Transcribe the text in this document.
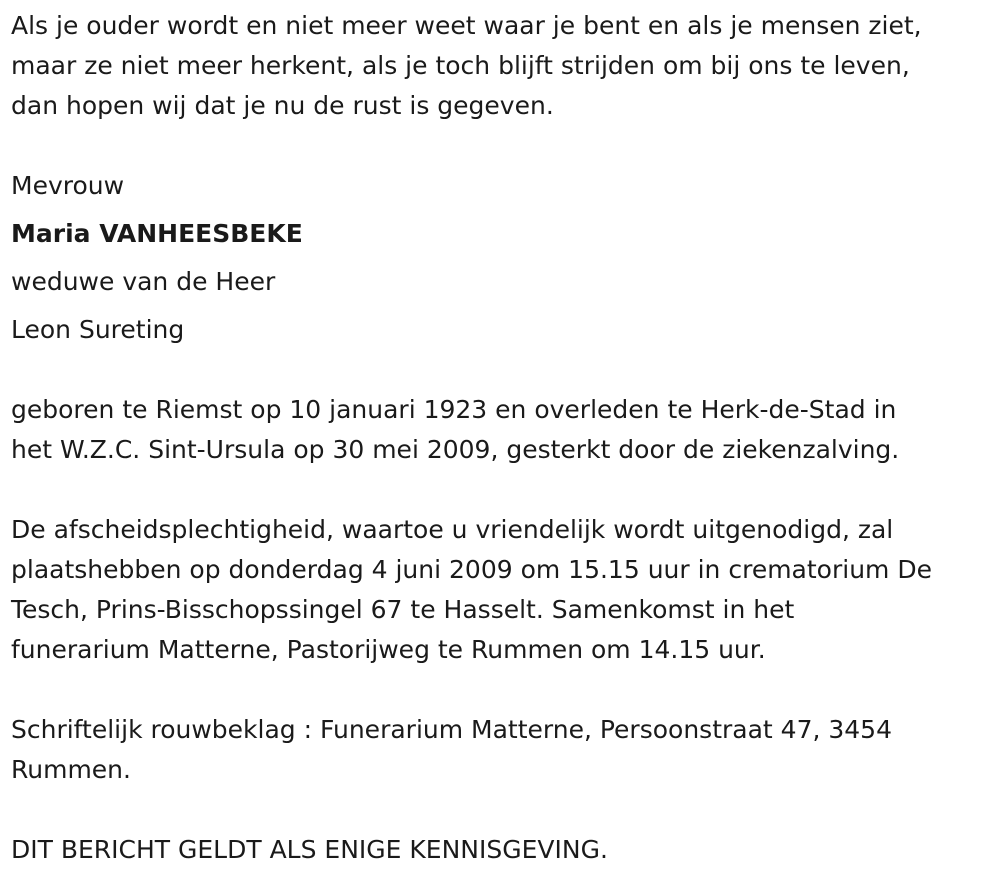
Als je ouder wordt en niet meer weet waar je bent en als je mensen ziet,

maar ze niet meer herkent, als je toch blijft strijden om bij ons te leven,

dan hopen wij dat je nu de rust is gegeven.

Mevrouw

Maria VANHEESBEKE

weduwe van de Heer

Leon Sureting

geboren te Riemst op 10 januari 1923 en overleden te Herk-de-Stad in

het W.Z.C. Sint-Ursula op 30 mei 2009, gesterkt door de ziekenzalving.

De afscheidsplechtigheid, waartoe u vriendelijk wordt uitgenodigd, zal

plaatshebben op donderdag 4 juni 2009 om 15.15 uur in crematorium De

Tesch, Prins-Bisschopssingel 67 te Hasselt. Samenkomst in het

funerarium Matterne, Pastorijweg te Rummen om 14.15 uur.

Schriftelijk rouwbeklag : Funerarium Matterne, Persoonstraat 47, 3454

Rummen.

DIT BERICHT GELDT ALS ENIGE KENNISGEVING.
